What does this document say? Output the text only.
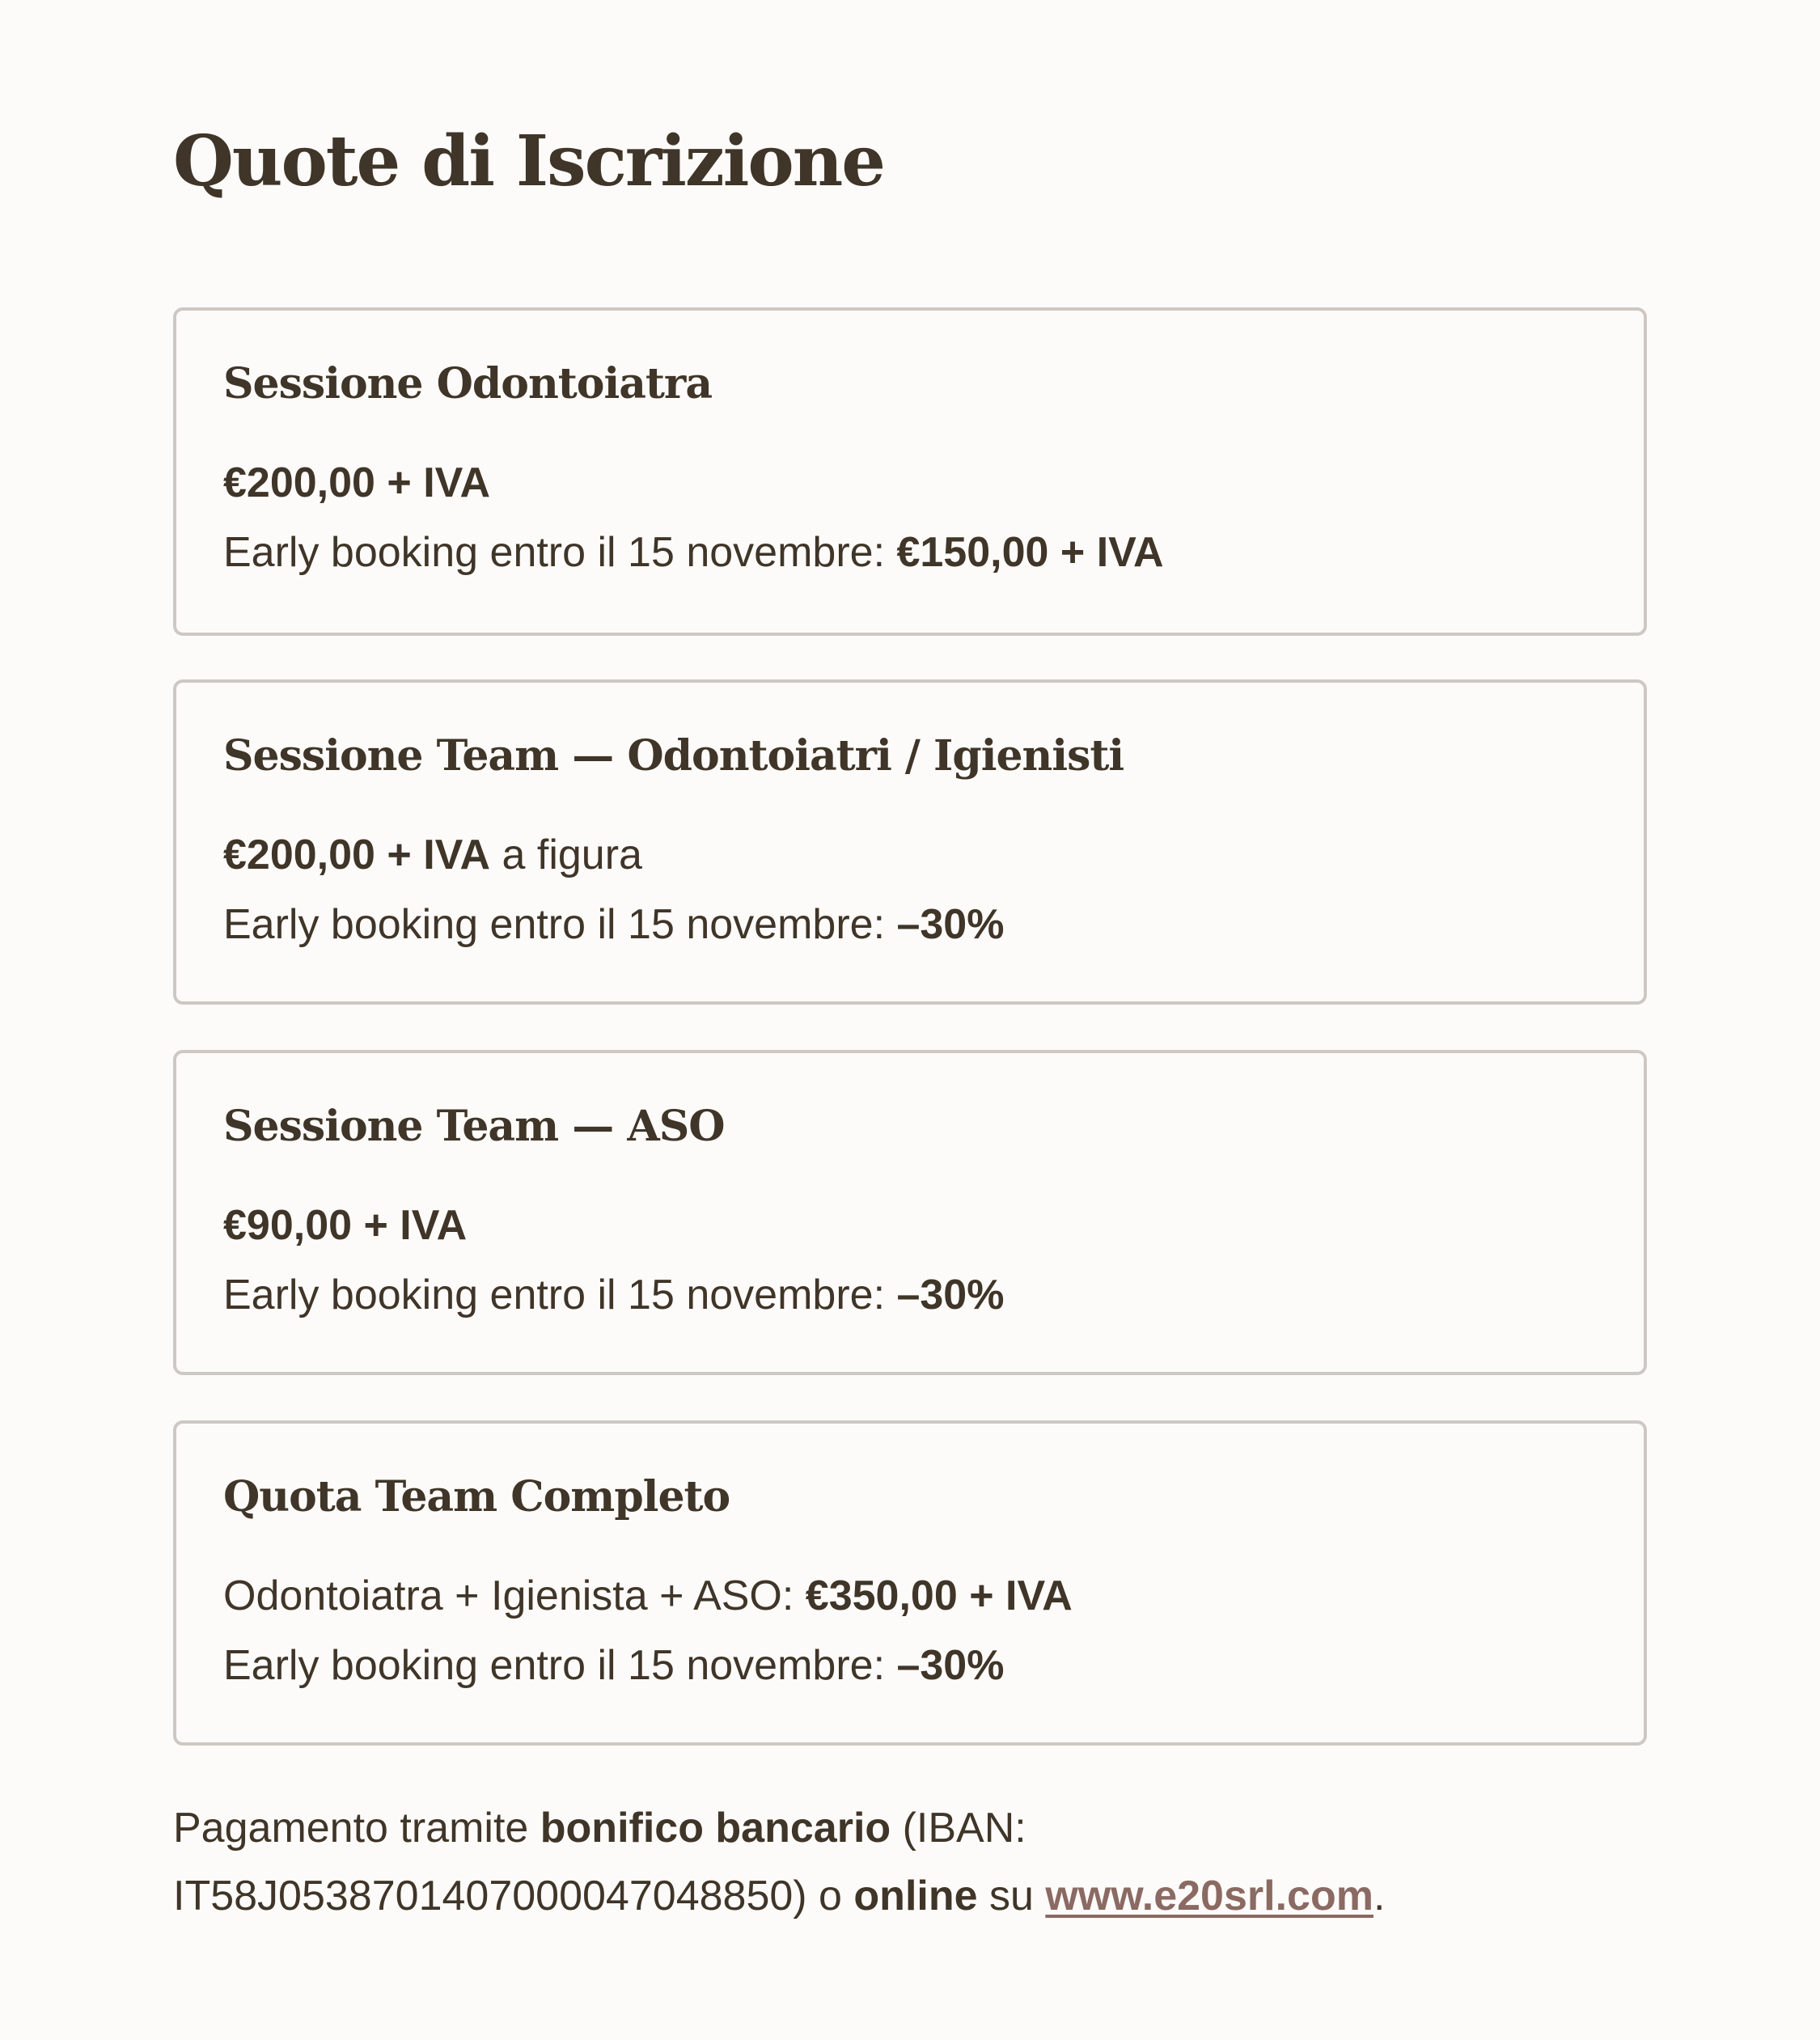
Quote di Iscrizione
Sessione Odontoiatra
€200,00 + IVA
Early booking entro il 15 novembre: €150,00 + IVA
Sessione Team — Odontoiatri / Igienisti
€200,00 + IVA a figura
Early booking entro il 15 novembre: –30%
Sessione Team — ASO
€90,00 + IVA
Early booking entro il 15 novembre: –30%
Quota Team Completo
Odontoiatra + Igienista + ASO: €350,00 + IVA
Early booking entro il 15 novembre: –30%
Pagamento tramite bonifico bancario (IBAN: IT58J0538701407000047048850) o online su www.e20srl.com.
